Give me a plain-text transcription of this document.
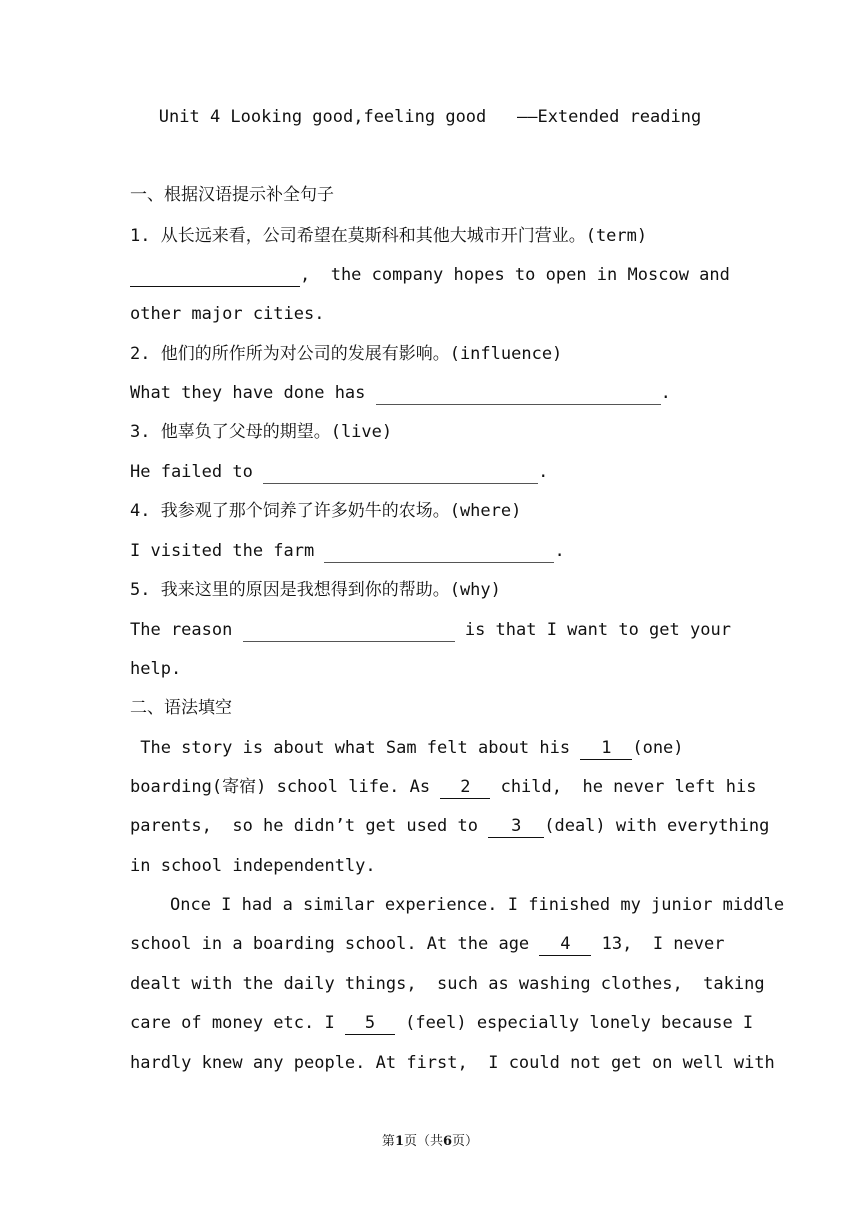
Unit 4 Looking good,feeling good   ——Extended reading
一、根据汉语提示补全句子
1. 从长远来看，公司希望在莫斯科和其他大城市开门营业。(term)
,  the company hopes to open in Moscow and
other major cities.
2. 他们的所作所为对公司的发展有影响。(influence)
What they have done has	.
3. 他辜负了父母的期望。(live)
He failed to	.
4. 我参观了那个饲养了许多奶牛的农场。(where)
I visited the farm	.
5. 我来这里的原因是我想得到你的帮助。(why)
The reason	is that I want to get your
help.
二、语法填空
The story is about what Sam felt about his 1 (one)
boarding(寄宿) school life. As 2 child,  he never left his
parents,  so he didn’t get used to 3 (deal) with everything
in school independently.
Once I had a similar experience. I finished my junior middle
school in a boarding school. At the age 4 13,  I never
dealt with the daily things,  such as washing clothes,  taking
care of money etc. I 5 (feel) especially lonely because I
hardly knew any people. At first,  I could not get on well with
第1页（共6页）
